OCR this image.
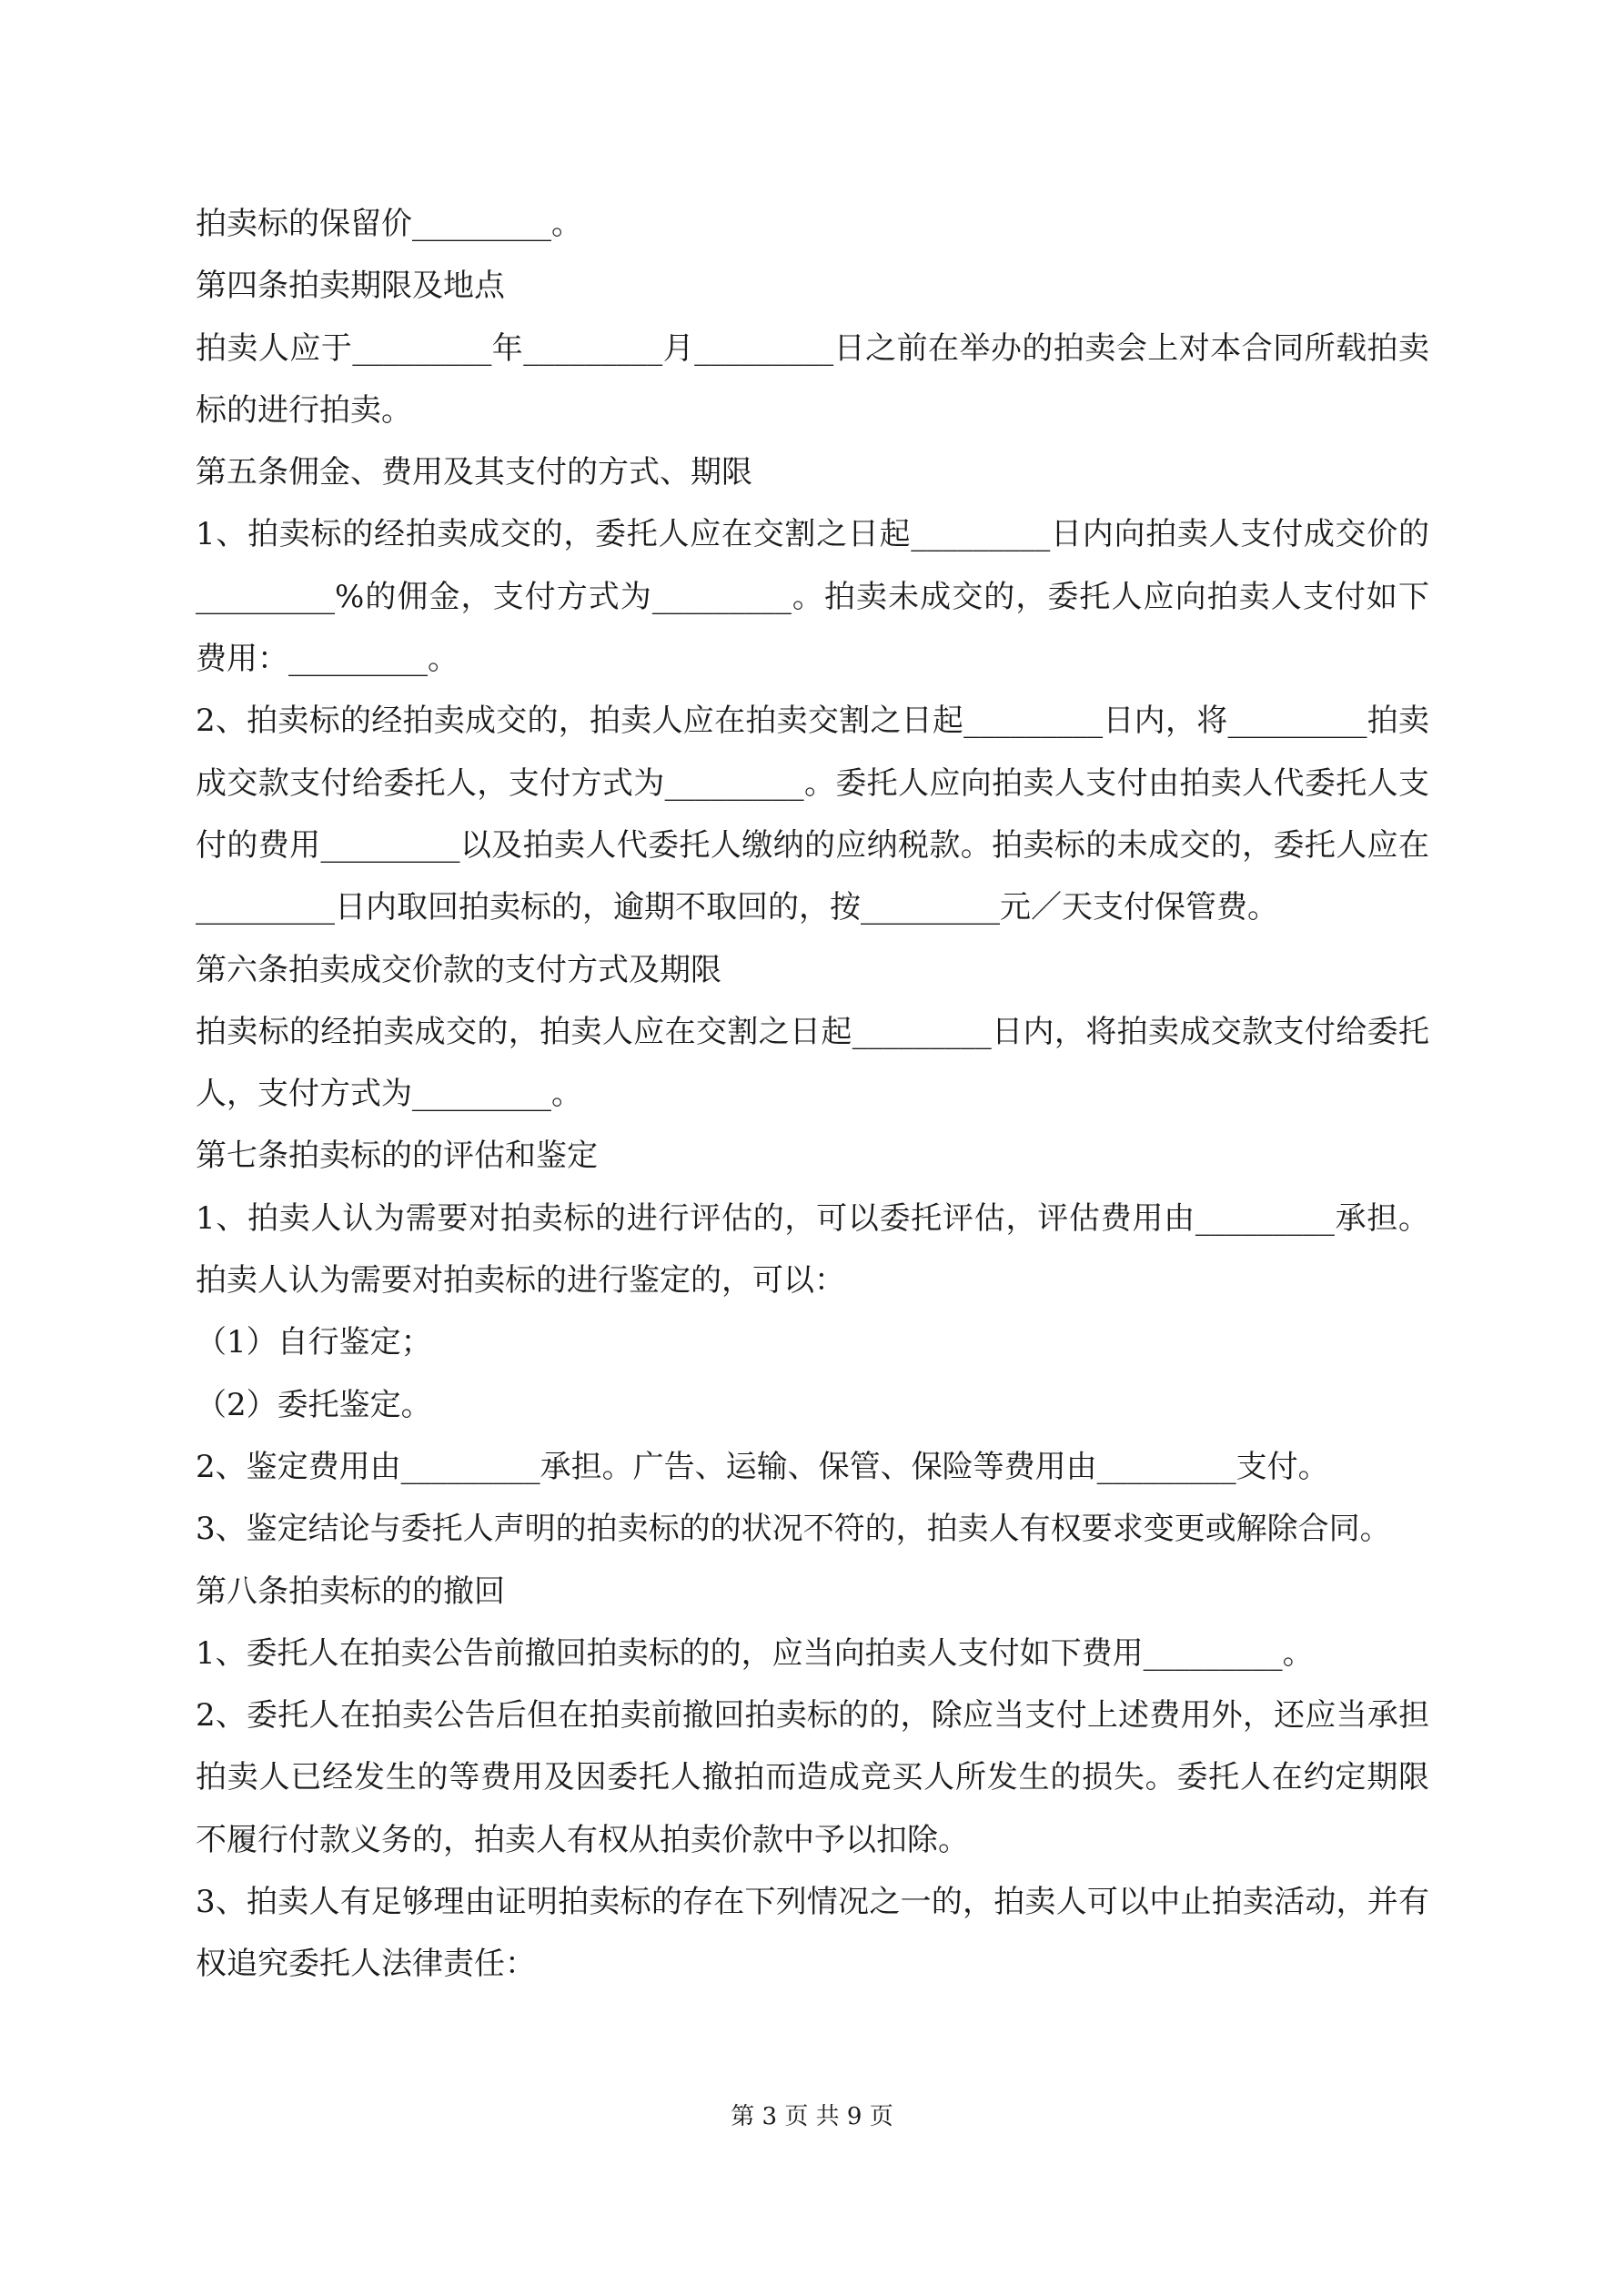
拍卖标的保留价_________。

第四条拍卖期限及地点

拍卖人应于_________年_________月_________日之前在举办的拍卖会上对本合同所载拍卖标的进行拍卖。

第五条佣金、费用及其支付的方式、期限

1、拍卖标的经拍卖成交的，委托人应在交割之日起_________日内向拍卖人支付成交价的_________%的佣金，支付方式为_________。拍卖未成交的，委托人应向拍卖人支付如下费用：_________。

2、拍卖标的经拍卖成交的，拍卖人应在拍卖交割之日起_________日内，将_________拍卖成交款支付给委托人，支付方式为_________。委托人应向拍卖人支付由拍卖人代委托人支付的费用_________以及拍卖人代委托人缴纳的应纳税款。拍卖标的未成交的，委托人应在_________日内取回拍卖标的，逾期不取回的，按_________元／天支付保管费。

第六条拍卖成交价款的支付方式及期限

拍卖标的经拍卖成交的，拍卖人应在交割之日起_________日内，将拍卖成交款支付给委托人，支付方式为_________。

第七条拍卖标的的评估和鉴定

1、拍卖人认为需要对拍卖标的进行评估的，可以委托评估，评估费用由_________承担。拍卖人认为需要对拍卖标的进行鉴定的，可以：

（1）自行鉴定；

（2）委托鉴定。

2、鉴定费用由_________承担。广告、运输、保管、保险等费用由_________支付。

3、鉴定结论与委托人声明的拍卖标的的状况不符的，拍卖人有权要求变更或解除合同。

第八条拍卖标的的撤回

1、委托人在拍卖公告前撤回拍卖标的的，应当向拍卖人支付如下费用_________。

2、委托人在拍卖公告后但在拍卖前撤回拍卖标的的，除应当支付上述费用外，还应当承担拍卖人已经发生的等费用及因委托人撤拍而造成竞买人所发生的损失。委托人在约定期限不履行付款义务的，拍卖人有权从拍卖价款中予以扣除。

3、拍卖人有足够理由证明拍卖标的存在下列情况之一的，拍卖人可以中止拍卖活动，并有权追究委托人法律责任：

第 3 页 共 9 页
